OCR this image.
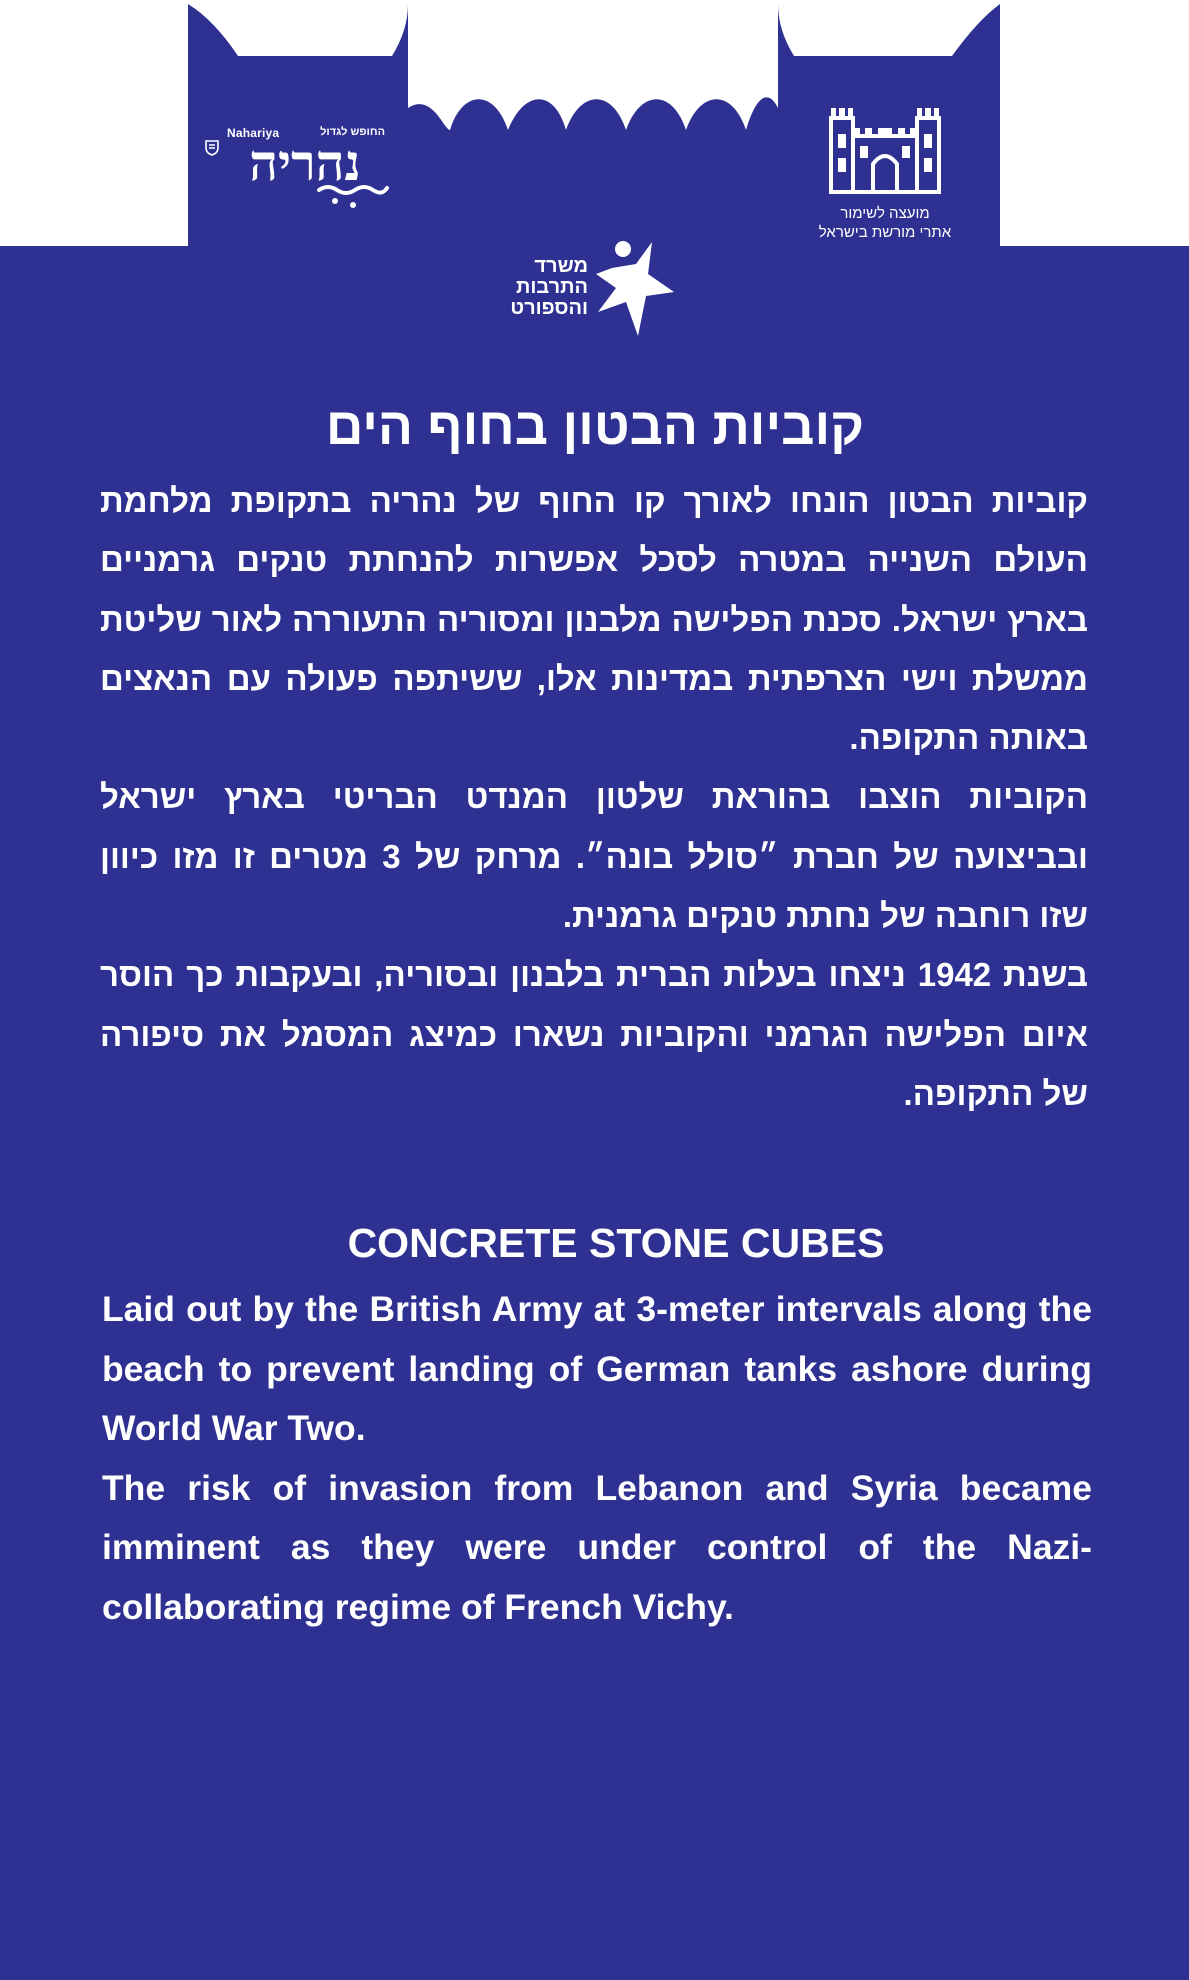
Nahariya	החופש לגדול
נהריה
מועצה לשימור
אתרי מורשת בישראל
משרד
התרבות
והספורט
קוביות הבטון בחוף הים

קוביות הבטון הונחו לאורך קו החוף של נהריה בתקופת מלחמת העולם השנייה במטרה לסכל אפשרות להנחתת טנקים גרמניים בארץ ישראל. סכנת הפלישה מלבנון ומסוריה התעוררה לאור שליטת ממשלת וישי הצרפתית במדינות אלו, ששיתפה פעולה עם הנאצים באותה התקופה.

הקוביות הוצבו בהוראת שלטון המנדט הבריטי בארץ ישראל ובביצועה של חברת ״סולל בונה״. מרחק של 3 מטרים זו מזו כיוון שזו רוחבה של נחתת טנקים גרמנית.

בשנת 1942 ניצחו בעלות הברית בלבנון ובסוריה, ובעקבות כך הוסר איום הפלישה הגרמני והקוביות נשארו כמיצג המסמל את סיפורה של התקופה.

CONCRETE STONE CUBES

Laid out by the British Army at 3-meter intervals along the beach to prevent landing of German tanks ashore during World War Two.

The risk of invasion from Lebanon and Syria became imminent as they were under control of the Nazi-collaborating regime of French Vichy.
